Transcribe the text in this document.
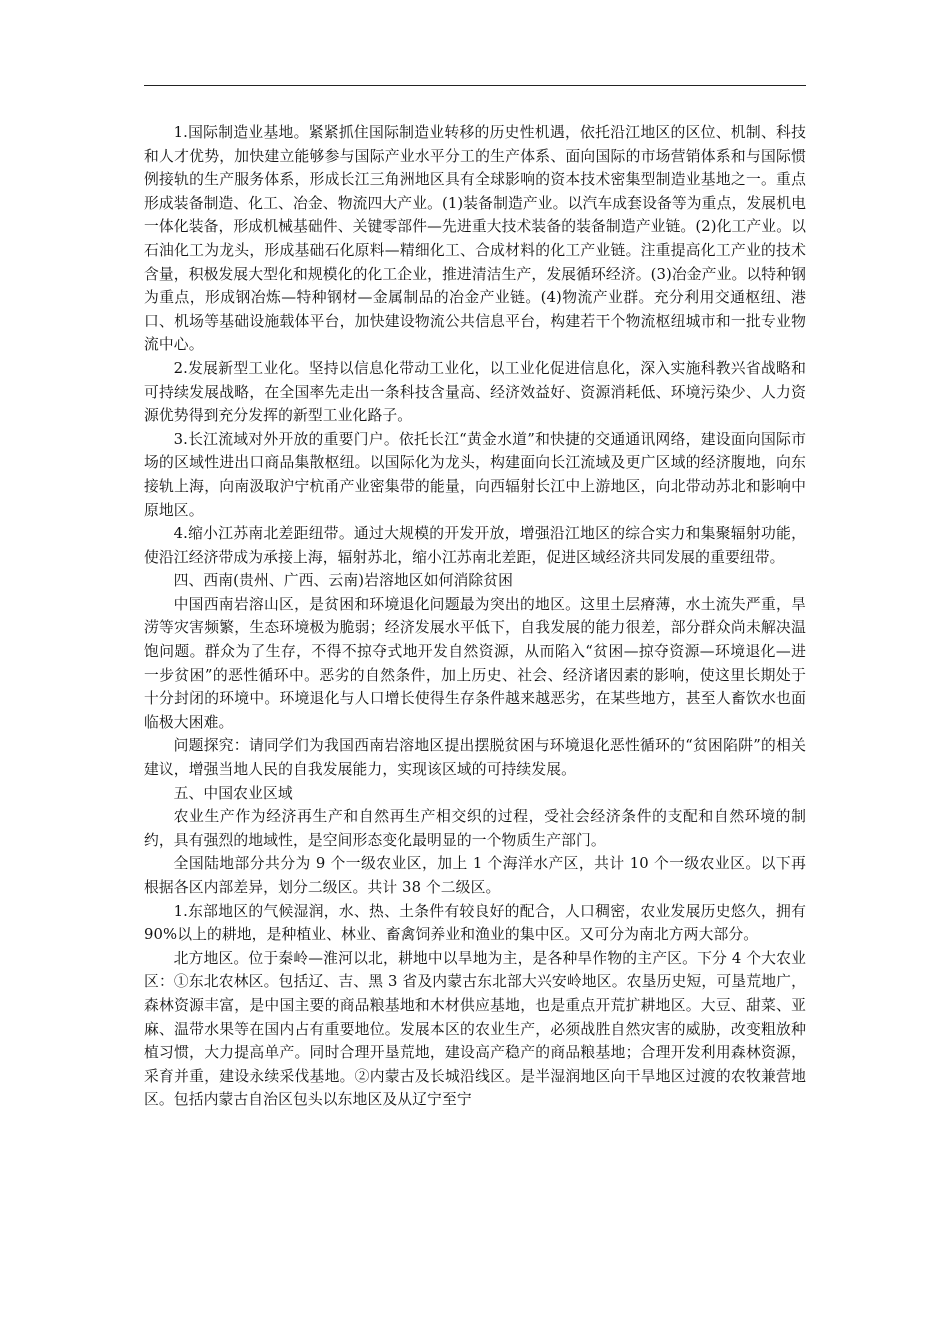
1.国际制造业基地。紧紧抓住国际制造业转移的历史性机遇，依托沿江地区的区位、机制、科技和人才优势，加快建立能够参与国际产业水平分工的生产体系、面向国际的市场营销体系和与国际惯例接轨的生产服务体系，形成长江三角洲地区具有全球影响的资本技术密集型制造业基地之一。重点形成装备制造、化工、冶金、物流四大产业。(1)装备制造产业。以汽车成套设备等为重点，发展机电一体化装备，形成机械基础件、关键零部件—先进重大技术装备的装备制造产业链。(2)化工产业。以石油化工为龙头，形成基础石化原料—精细化工、合成材料的化工产业链。注重提高化工产业的技术含量，积极发展大型化和规模化的化工企业，推进清洁生产，发展循环经济。(3)冶金产业。以特种钢为重点，形成钢冶炼—特种钢材—金属制品的冶金产业链。(4)物流产业群。充分利用交通枢纽、港口、机场等基础设施载体平台，加快建设物流公共信息平台，构建若干个物流枢纽城市和一批专业物流中心。

2.发展新型工业化。坚持以信息化带动工业化，以工业化促进信息化，深入实施科教兴省战略和可持续发展战略，在全国率先走出一条科技含量高、经济效益好、资源消耗低、环境污染少、人力资源优势得到充分发挥的新型工业化路子。

3.长江流域对外开放的重要门户。依托长江“黄金水道”和快捷的交通通讯网络，建设面向国际市场的区域性进出口商品集散枢纽。以国际化为龙头，构建面向长江流域及更广区域的经济腹地，向东接轨上海，向南汲取沪宁杭甬产业密集带的能量，向西辐射长江中上游地区，向北带动苏北和影响中原地区。

4.缩小江苏南北差距纽带。通过大规模的开发开放，增强沿江地区的综合实力和集聚辐射功能，使沿江经济带成为承接上海，辐射苏北，缩小江苏南北差距，促进区域经济共同发展的重要纽带。

四、西南(贵州、广西、云南)岩溶地区如何消除贫困

中国西南岩溶山区，是贫困和环境退化问题最为突出的地区。这里土层瘠薄，水土流失严重，旱涝等灾害频繁，生态环境极为脆弱；经济发展水平低下，自我发展的能力很差，部分群众尚未解决温饱问题。群众为了生存，不得不掠夺式地开发自然资源，从而陷入“贫困—掠夺资源—环境退化—进一步贫困”的恶性循环中。恶劣的自然条件，加上历史、社会、经济诸因素的影响，使这里长期处于十分封闭的环境中。环境退化与人口增长使得生存条件越来越恶劣，在某些地方，甚至人畜饮水也面临极大困难。

问题探究：请同学们为我国西南岩溶地区提出摆脱贫困与环境退化恶性循环的“贫困陷阱”的相关建议，增强当地人民的自我发展能力，实现该区域的可持续发展。

五、中国农业区域

农业生产作为经济再生产和自然再生产相交织的过程，受社会经济条件的支配和自然环境的制约，具有强烈的地域性，是空间形态变化最明显的一个物质生产部门。

全国陆地部分共分为 9 个一级农业区，加上 1 个海洋水产区，共计 10 个一级农业区。以下再根据各区内部差异，划分二级区。共计 38 个二级区。

1.东部地区的气候湿润，水、热、土条件有较良好的配合，人口稠密，农业发展历史悠久，拥有 90%以上的耕地，是种植业、林业、畜禽饲养业和渔业的集中区。又可分为南北方两大部分。

北方地区。位于秦岭—淮河以北，耕地中以旱地为主，是各种旱作物的主产区。下分 4 个大农业区：①东北农林区。包括辽、吉、黑 3 省及内蒙古东北部大兴安岭地区。农垦历史短，可垦荒地广，森林资源丰富，是中国主要的商品粮基地和木材供应基地，也是重点开荒扩耕地区。大豆、甜菜、亚麻、温带水果等在国内占有重要地位。发展本区的农业生产，必须战胜自然灾害的威胁，改变粗放种植习惯，大力提高单产。同时合理开垦荒地，建设高产稳产的商品粮基地；合理开发利用森林资源，采育并重，建设永续采伐基地。②内蒙古及长城沿线区。是半湿润地区向干旱地区过渡的农牧兼营地区。包括内蒙古自治区包头以东地区及从辽宁至宁
